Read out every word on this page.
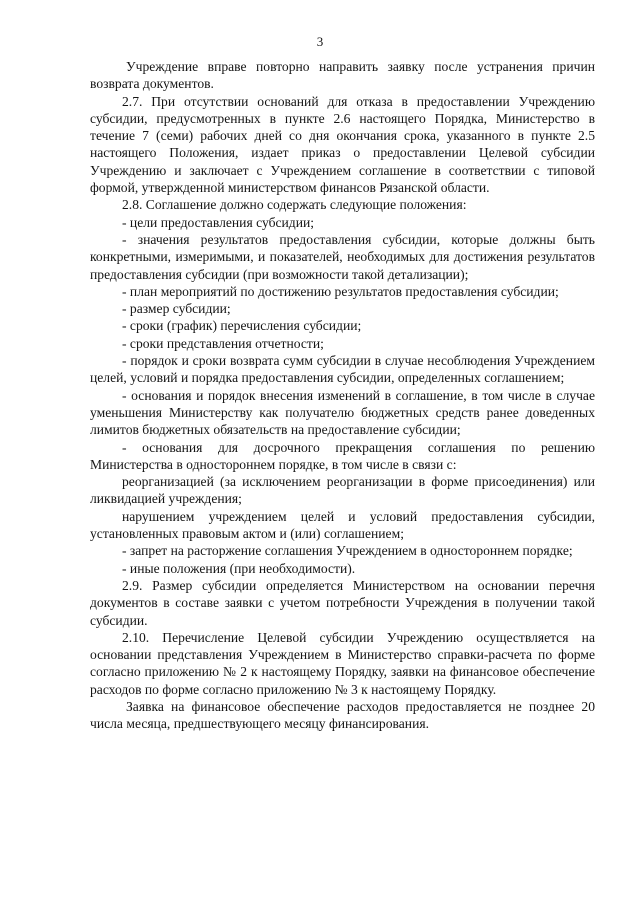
3

Учреждение вправе повторно направить заявку после устранения причин возврата документов.

2.7. При отсутствии оснований для отказа в предоставлении Учреждению субсидии, предусмотренных в пункте 2.6 настоящего Порядка, Министерство в течение 7 (семи) рабочих дней со дня окончания срока, указанного в пункте 2.5 настоящего Положения, издает приказ о предоставлении Целевой субсидии Учреждению и заключает с Учреждением соглашение в соответствии с типовой формой, утвержденной министерством финансов Рязанской области.

2.8. Соглашение должно содержать следующие положения:

- цели предоставления субсидии;

- значения результатов предоставления субсидии, которые должны быть конкретными, измеримыми, и показателей, необходимых для достижения результатов предоставления субсидии (при возможности такой детализации);

- план мероприятий по достижению результатов предоставления субсидии;

- размер субсидии;

- сроки (график) перечисления субсидии;

- сроки представления отчетности;

- порядок и сроки возврата сумм субсидии в случае несоблюдения Учреждением целей, условий и порядка предоставления субсидии, определенных соглашением;

- основания и порядок внесения изменений в соглашение, в том числе в случае уменьшения Министерству как получателю бюджетных средств ранее доведенных лимитов бюджетных обязательств на предоставление субсидии;

- основания для досрочного прекращения соглашения по решению Министерства в одностороннем порядке, в том числе в связи с:

реорганизацией (за исключением реорганизации в форме присоединения) или ликвидацией учреждения;

нарушением учреждением целей и условий предоставления субсидии, установленных правовым актом и (или) соглашением;

- запрет на расторжение соглашения Учреждением в одностороннем порядке;

- иные положения (при необходимости).

2.9. Размер субсидии определяется Министерством на основании перечня документов в составе заявки с учетом потребности Учреждения в получении такой субсидии.

2.10. Перечисление Целевой субсидии Учреждению осуществляется на основании представления Учреждением в Министерство справки-расчета по форме согласно приложению № 2 к настоящему Порядку, заявки на финансовое обеспечение расходов по форме согласно приложению № 3 к настоящему Порядку.

Заявка на финансовое обеспечение расходов предоставляется не позднее 20 числа месяца, предшествующего месяцу финансирования.
